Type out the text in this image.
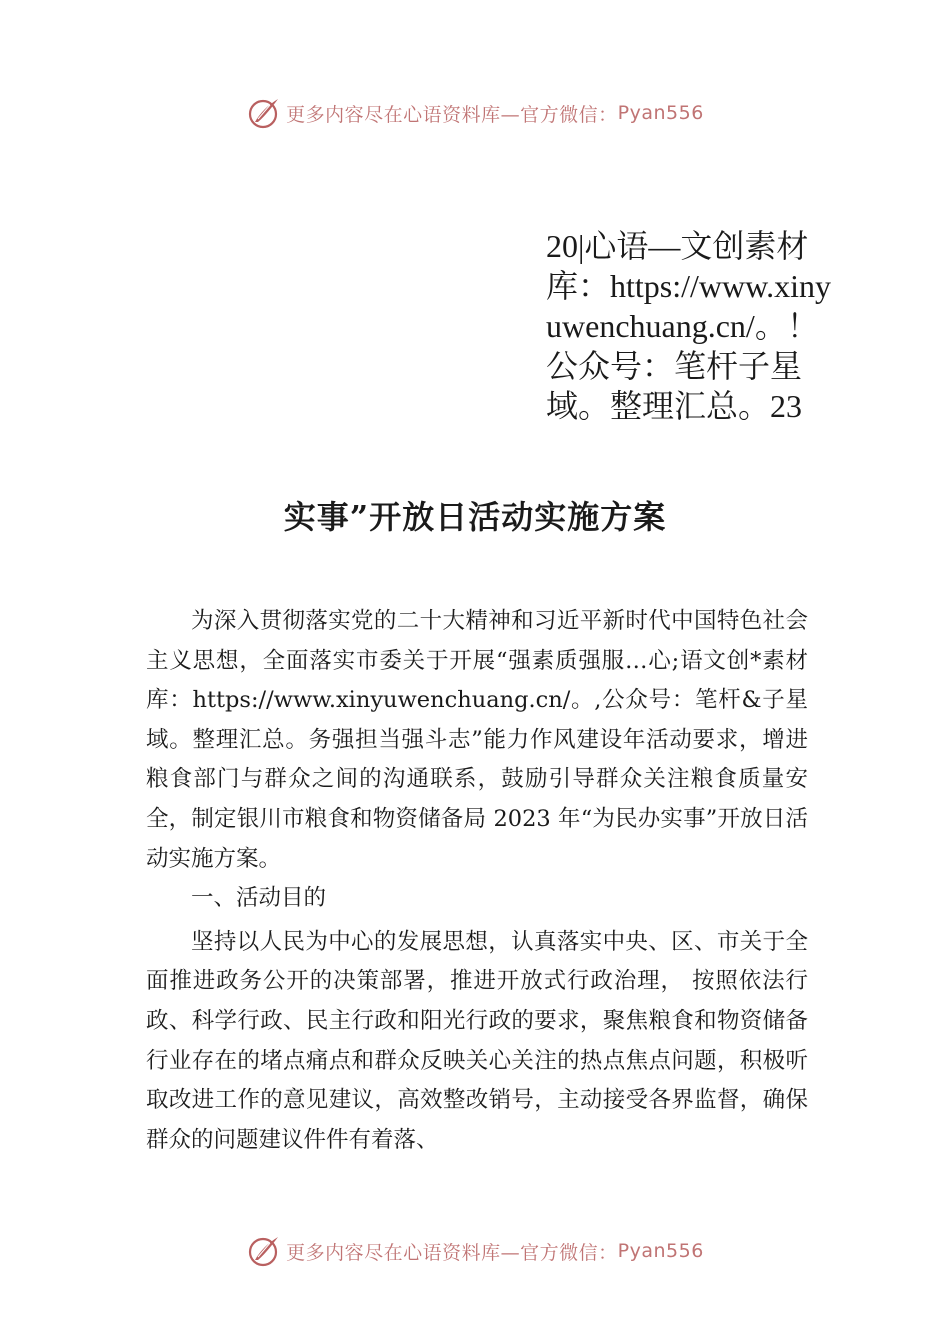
更多内容尽在心语资料库—官方微信： Pyan556
20|心语—文创素材库：https://www.xinyuwenchuang.cn/。！公众号：笔杆子星域。整理汇总。23
实事”开放日活动实施方案

为深入贯彻落实党的二十大精神和习近平新时代中国特色社会主义思想，全面落实市委关于开展“强素质强服…心;语文创*素材库：https://www.xinyuwenchuang.cn/。,公众号：笔杆&子星域。整理汇总。务强担当强斗志”能力作风建设年活动要求，增进粮食部门与群众之间的沟通联系，鼓励引导群众关注粮食质量安全，制定银川市粮食和物资储备局 2023 年“为民办实事”开放日活动实施方案。

一、活动目的

坚持以人民为中心的发展思想，认真落实中央、区、市关于全面推进政务公开的决策部署，推进开放式行政治理， 按照依法行政、科学行政、民主行政和阳光行政的要求，聚焦粮食和物资储备行业存在的堵点痛点和群众反映关心关注的热点焦点问题，积极听取改进工作的意见建议，高效整改销号，主动接受各界监督，确保群众的问题建议件件有着落、

更多内容尽在心语资料库—官方微信： Pyan556
